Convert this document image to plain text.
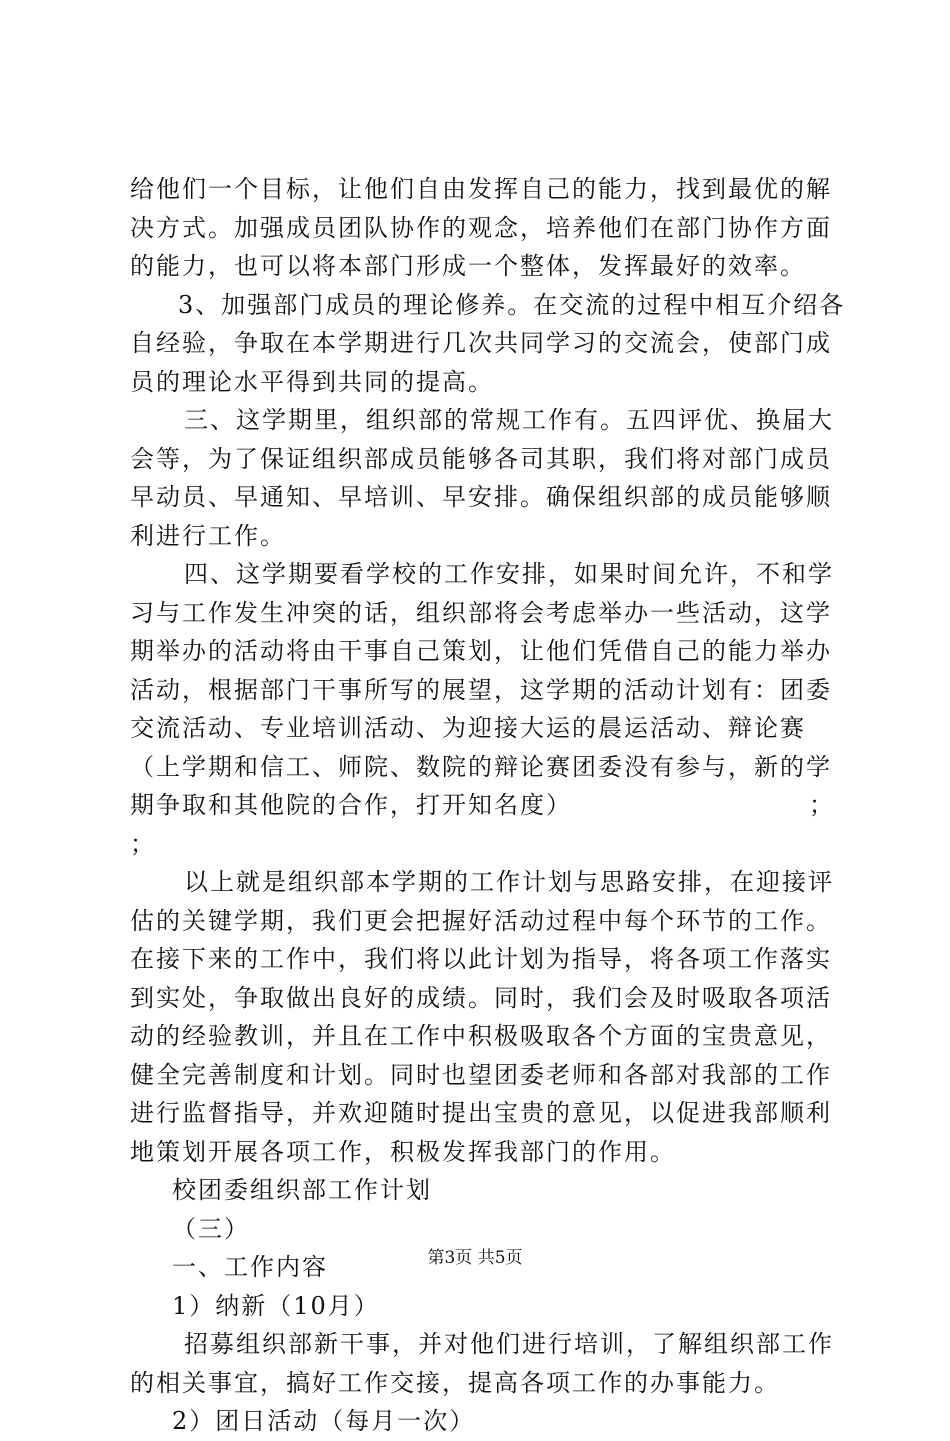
给他们一个目标，让他们自由发挥自己的能力，找到最优的解
决方式。加强成员团队协作的观念，培养他们在部门协作方面
的能力，也可以将本部门形成一个整体，发挥最好的效率。
3、加强部门成员的理论修养。在交流的过程中相互介绍各
自经验，争取在本学期进行几次共同学习的交流会，使部门成
员的理论水平得到共同的提高。
三、这学期里，组织部的常规工作有。五四评优、换届大
会等，为了保证组织部成员能够各司其职，我们将对部门成员
早动员、早通知、早培训、早安排。确保组织部的成员能够顺
利进行工作。
四、这学期要看学校的工作安排，如果时间允许，不和学
习与工作发生冲突的话，组织部将会考虑举办一些活动，这学
期举办的活动将由干事自己策划，让他们凭借自己的能力举办
活动，根据部门干事所写的展望，这学期的活动计划有：团委
交流活动、专业培训活动、为迎接大运的晨运活动、辩论赛
（上学期和信工、师院、数院的辩论赛团委没有参与，新的学
期争取和其他院的合作，打开知名度）	；
；
以上就是组织部本学期的工作计划与思路安排，在迎接评
估的关键学期，我们更会把握好活动过程中每个环节的工作。
在接下来的工作中，我们将以此计划为指导，将各项工作落实
到实处，争取做出良好的成绩。同时，我们会及时吸取各项活
动的经验教训，并且在工作中积极吸取各个方面的宝贵意见，
健全完善制度和计划。同时也望团委老师和各部对我部的工作
进行监督指导，并欢迎随时提出宝贵的意见，以促进我部顺利
地策划开展各项工作，积极发挥我部门的作用。
校团委组织部工作计划
（三）
一、工作内容
1）纳新（10月）
招募组织部新干事，并对他们进行培训，了解组织部工作
的相关事宜，搞好工作交接，提高各项工作的办事能力。
2）团日活动（每月一次）
第3页 共5页
